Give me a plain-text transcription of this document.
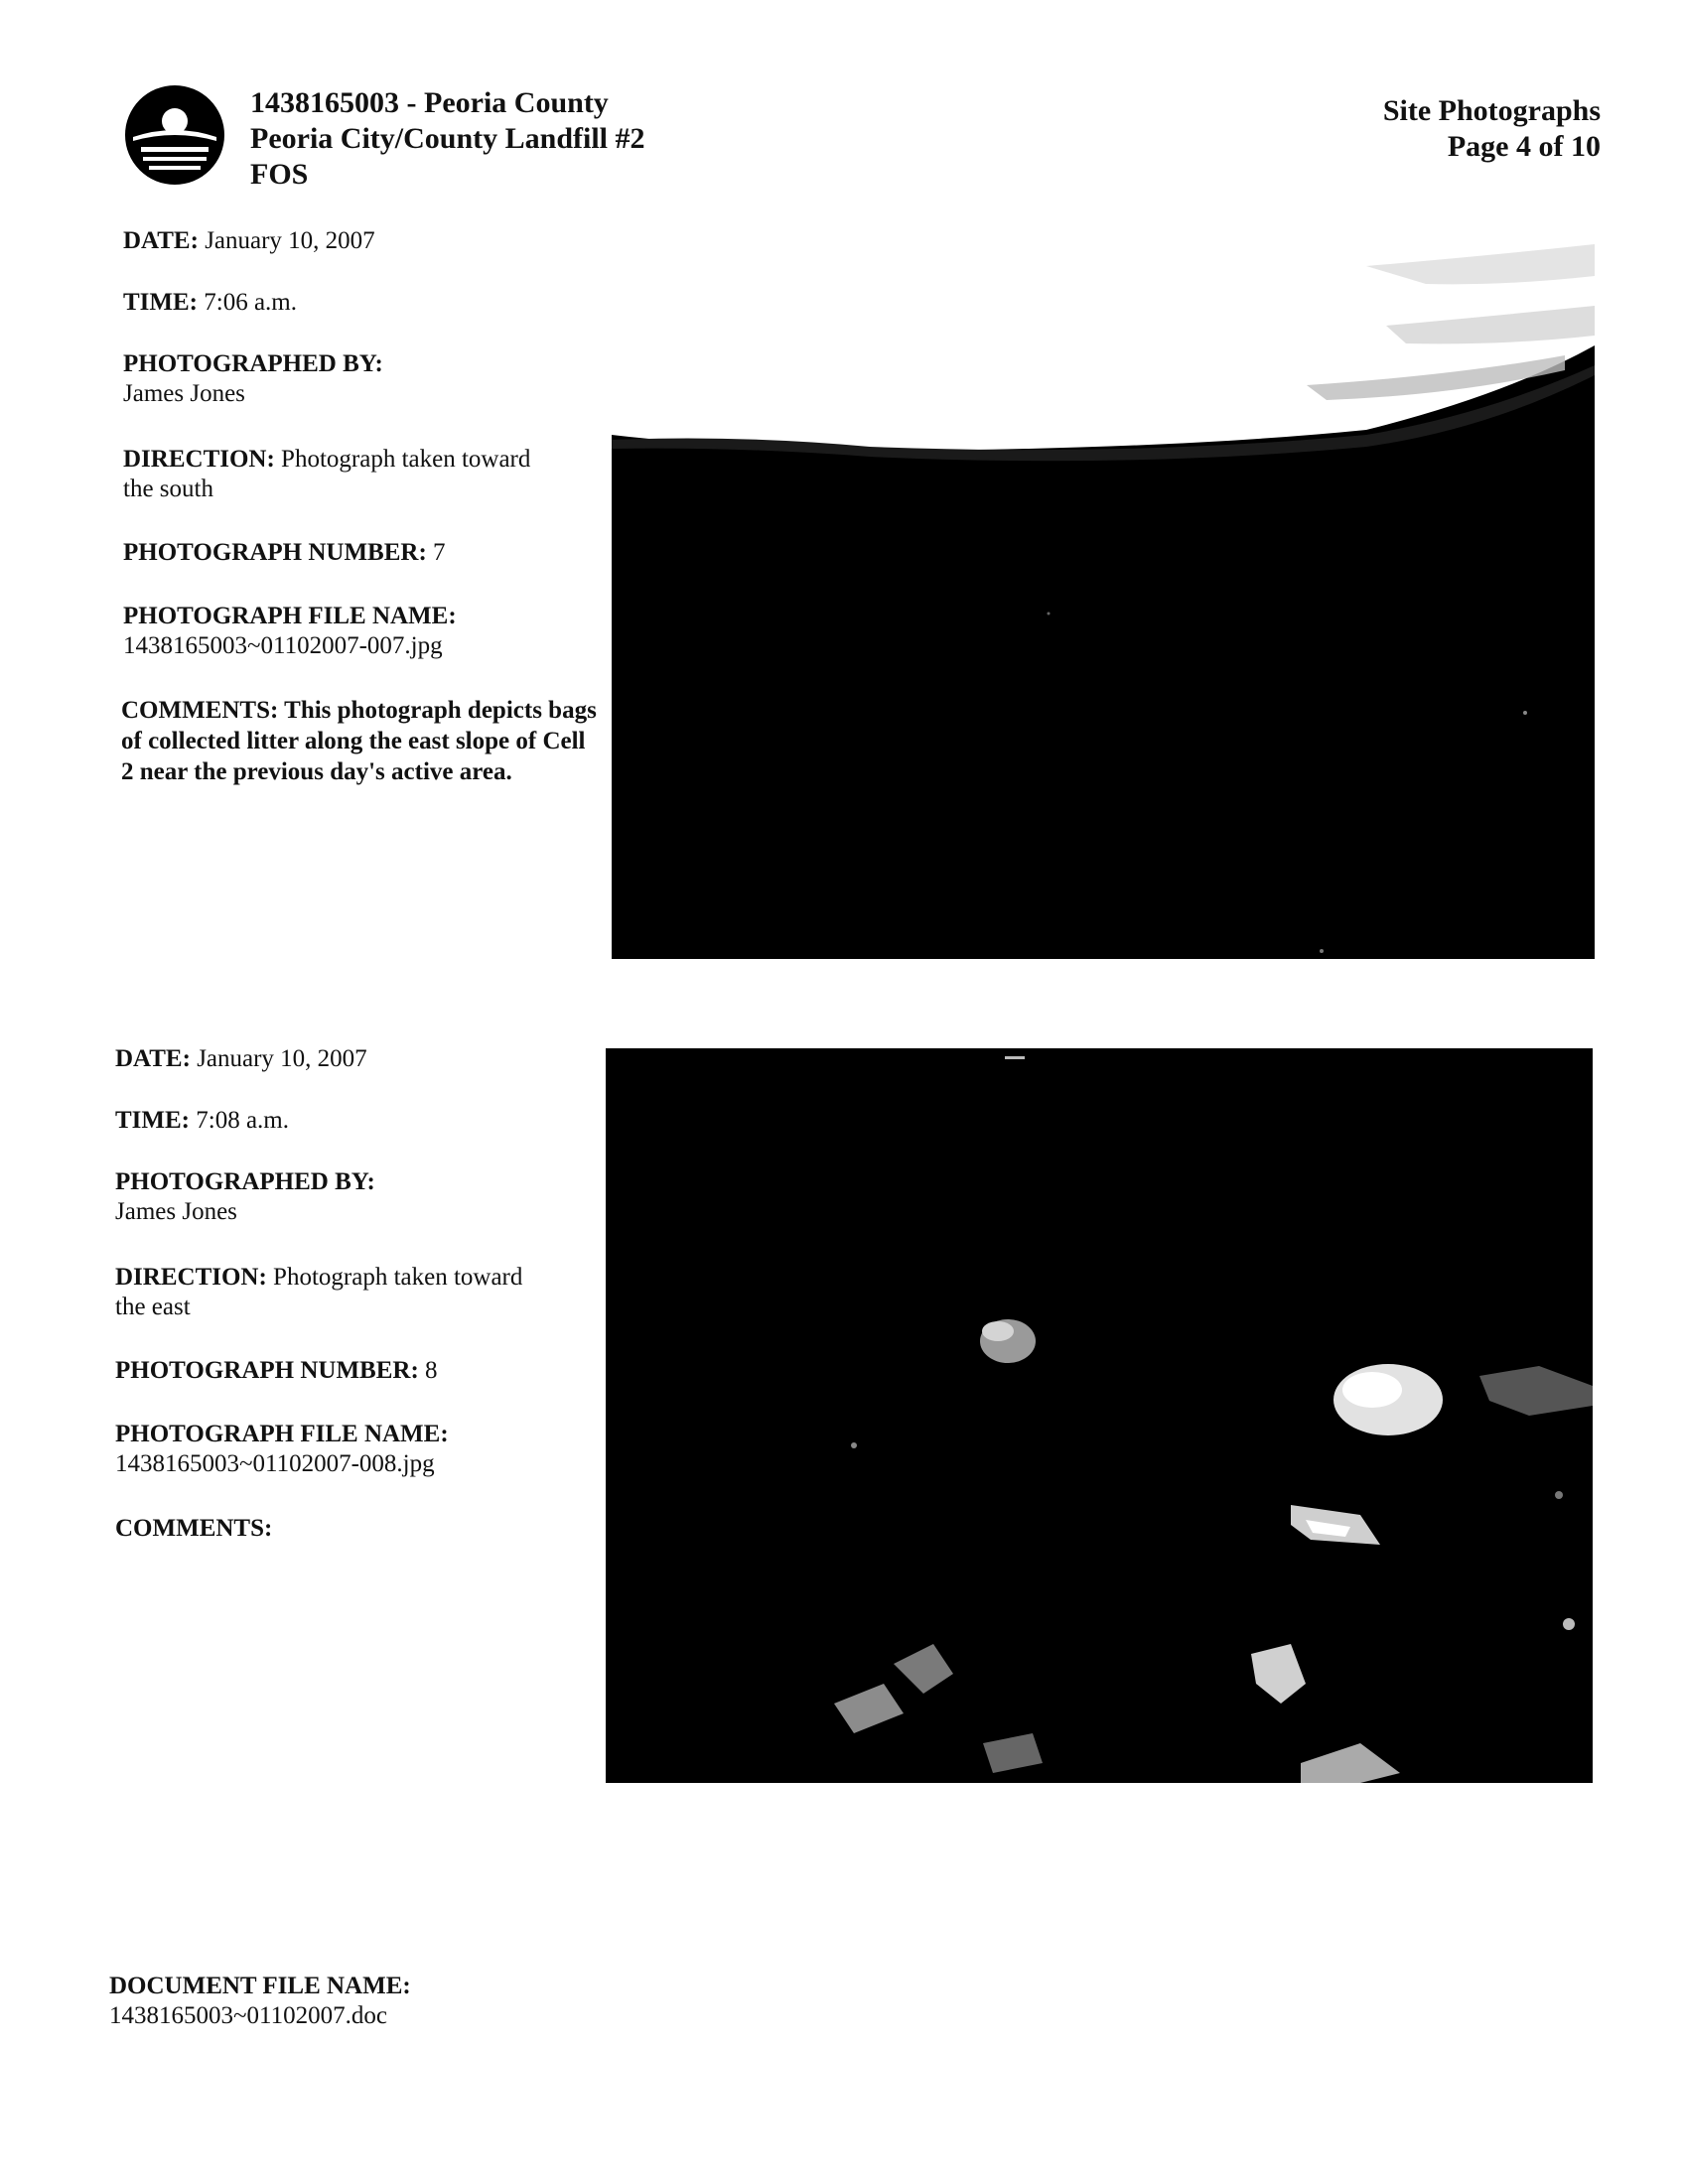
1438165003 - Peoria County
Peoria City/County Landfill #2
FOS
Site Photographs
Page 4 of 10
DATE: January 10, 2007
TIME: 7:06 a.m.
PHOTOGRAPHED BY:
James Jones
DIRECTION: Photograph taken toward
the south
PHOTOGRAPH NUMBER: 7
PHOTOGRAPH FILE NAME:
1438165003~01102007-007.jpg
COMMENTS: This photograph depicts bags of collected litter along the east slope of Cell 2 near the previous day's active area.
DATE: January 10, 2007
TIME: 7:08 a.m.
PHOTOGRAPHED BY:
James Jones
DIRECTION: Photograph taken toward
the east
PHOTOGRAPH NUMBER: 8
PHOTOGRAPH FILE NAME:
1438165003~01102007-008.jpg
COMMENTS:
DOCUMENT FILE NAME:
1438165003~01102007.doc
